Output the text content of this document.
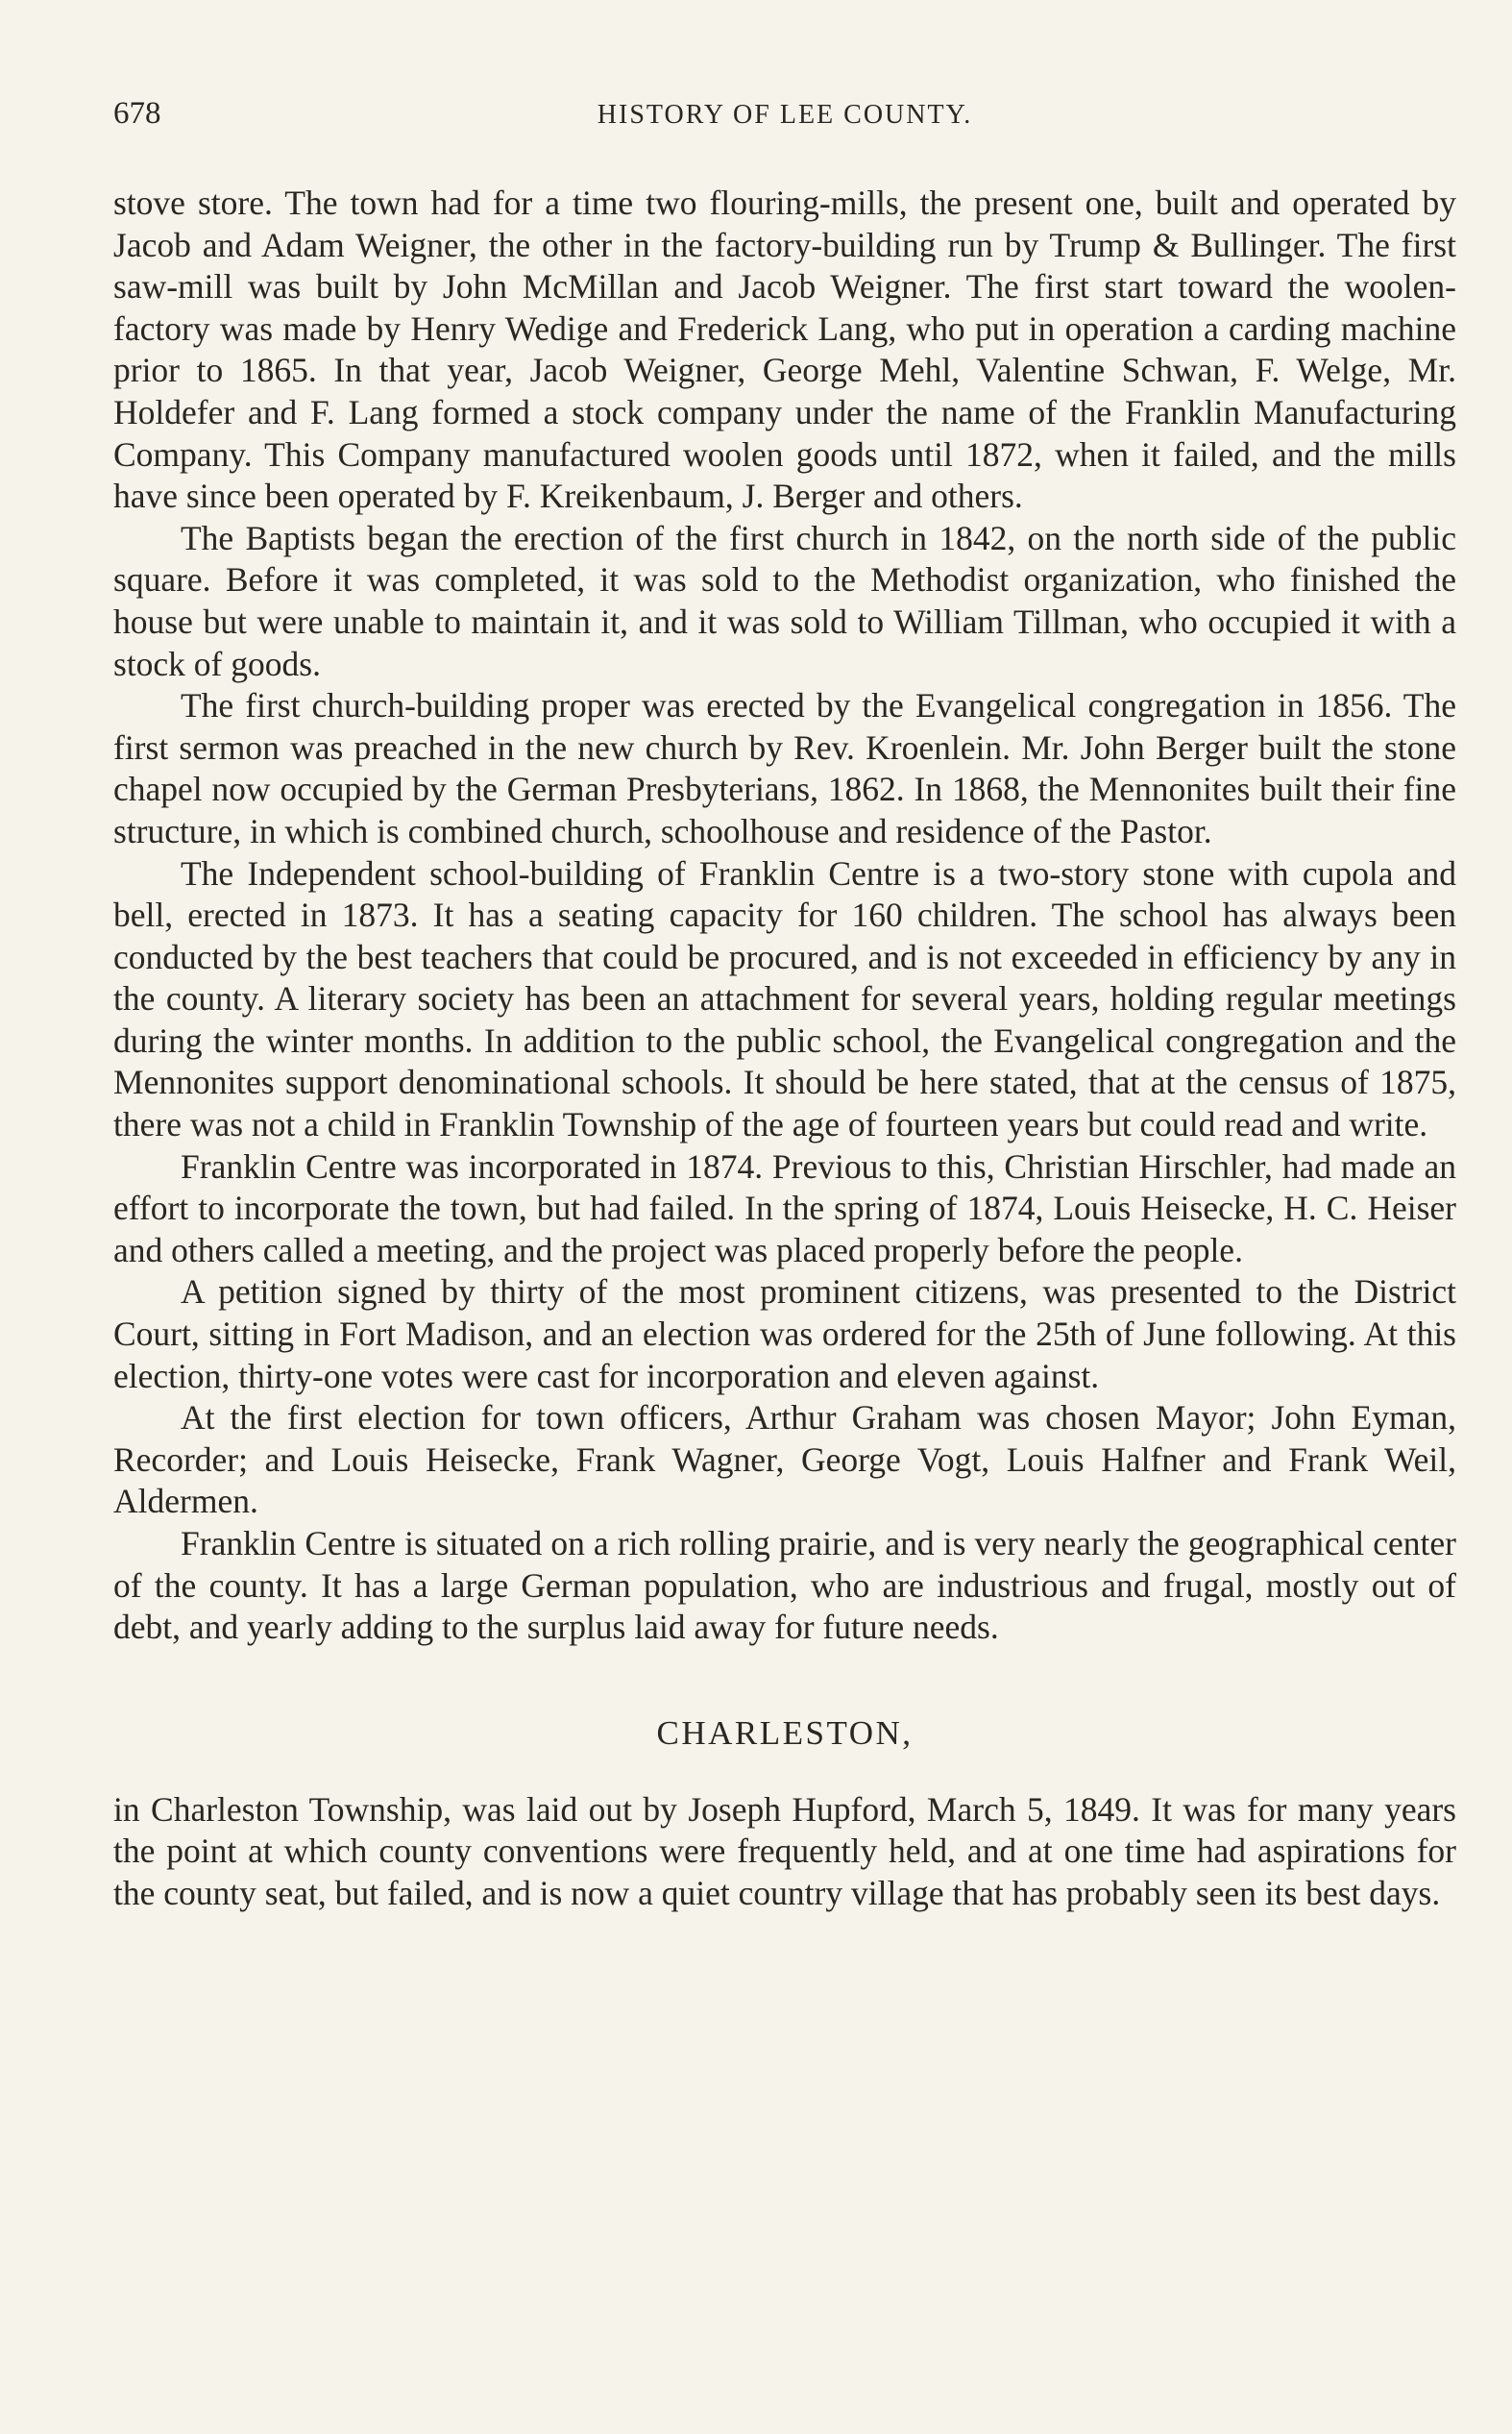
678	HISTORY OF LEE COUNTY.

stove store. The town had for a time two flouring-mills, the present one, built and operated by Jacob and Adam Weigner, the other in the factory-building run by Trump & Bullinger. The first saw-mill was built by John McMillan and Jacob Weigner. The first start toward the woolen-factory was made by Henry Wedige and Frederick Lang, who put in operation a carding machine prior to 1865. In that year, Jacob Weigner, George Mehl, Valentine Schwan, F. Welge, Mr. Holdefer and F. Lang formed a stock company under the name of the Franklin Manufacturing Company. This Company manufactured woolen goods until 1872, when it failed, and the mills have since been operated by F. Kreikenbaum, J. Berger and others.

The Baptists began the erection of the first church in 1842, on the north side of the public square. Before it was completed, it was sold to the Methodist organization, who finished the house but were unable to maintain it, and it was sold to William Tillman, who occupied it with a stock of goods.

The first church-building proper was erected by the Evangelical congregation in 1856. The first sermon was preached in the new church by Rev. Kroenlein. Mr. John Berger built the stone chapel now occupied by the German Presbyterians, 1862. In 1868, the Mennonites built their fine structure, in which is combined church, schoolhouse and residence of the Pastor.

The Independent school-building of Franklin Centre is a two-story stone with cupola and bell, erected in 1873. It has a seating capacity for 160 children. The school has always been conducted by the best teachers that could be procured, and is not exceeded in efficiency by any in the county. A literary society has been an attachment for several years, holding regular meetings during the winter months. In addition to the public school, the Evangelical congregation and the Mennonites support denominational schools. It should be here stated, that at the census of 1875, there was not a child in Franklin Township of the age of fourteen years but could read and write.

Franklin Centre was incorporated in 1874. Previous to this, Christian Hirschler, had made an effort to incorporate the town, but had failed. In the spring of 1874, Louis Heisecke, H. C. Heiser and others called a meeting, and the project was placed properly before the people.

A petition signed by thirty of the most prominent citizens, was presented to the District Court, sitting in Fort Madison, and an election was ordered for the 25th of June following. At this election, thirty-one votes were cast for incorporation and eleven against.

At the first election for town officers, Arthur Graham was chosen Mayor; John Eyman, Recorder; and Louis Heisecke, Frank Wagner, George Vogt, Louis Halfner and Frank Weil, Aldermen.

Franklin Centre is situated on a rich rolling prairie, and is very nearly the geographical center of the county. It has a large German population, who are industrious and frugal, mostly out of debt, and yearly adding to the surplus laid away for future needs.

CHARLESTON,

in Charleston Township, was laid out by Joseph Hupford, March 5, 1849. It was for many years the point at which county conventions were frequently held, and at one time had aspirations for the county seat, but failed, and is now a quiet country village that has probably seen its best days.
